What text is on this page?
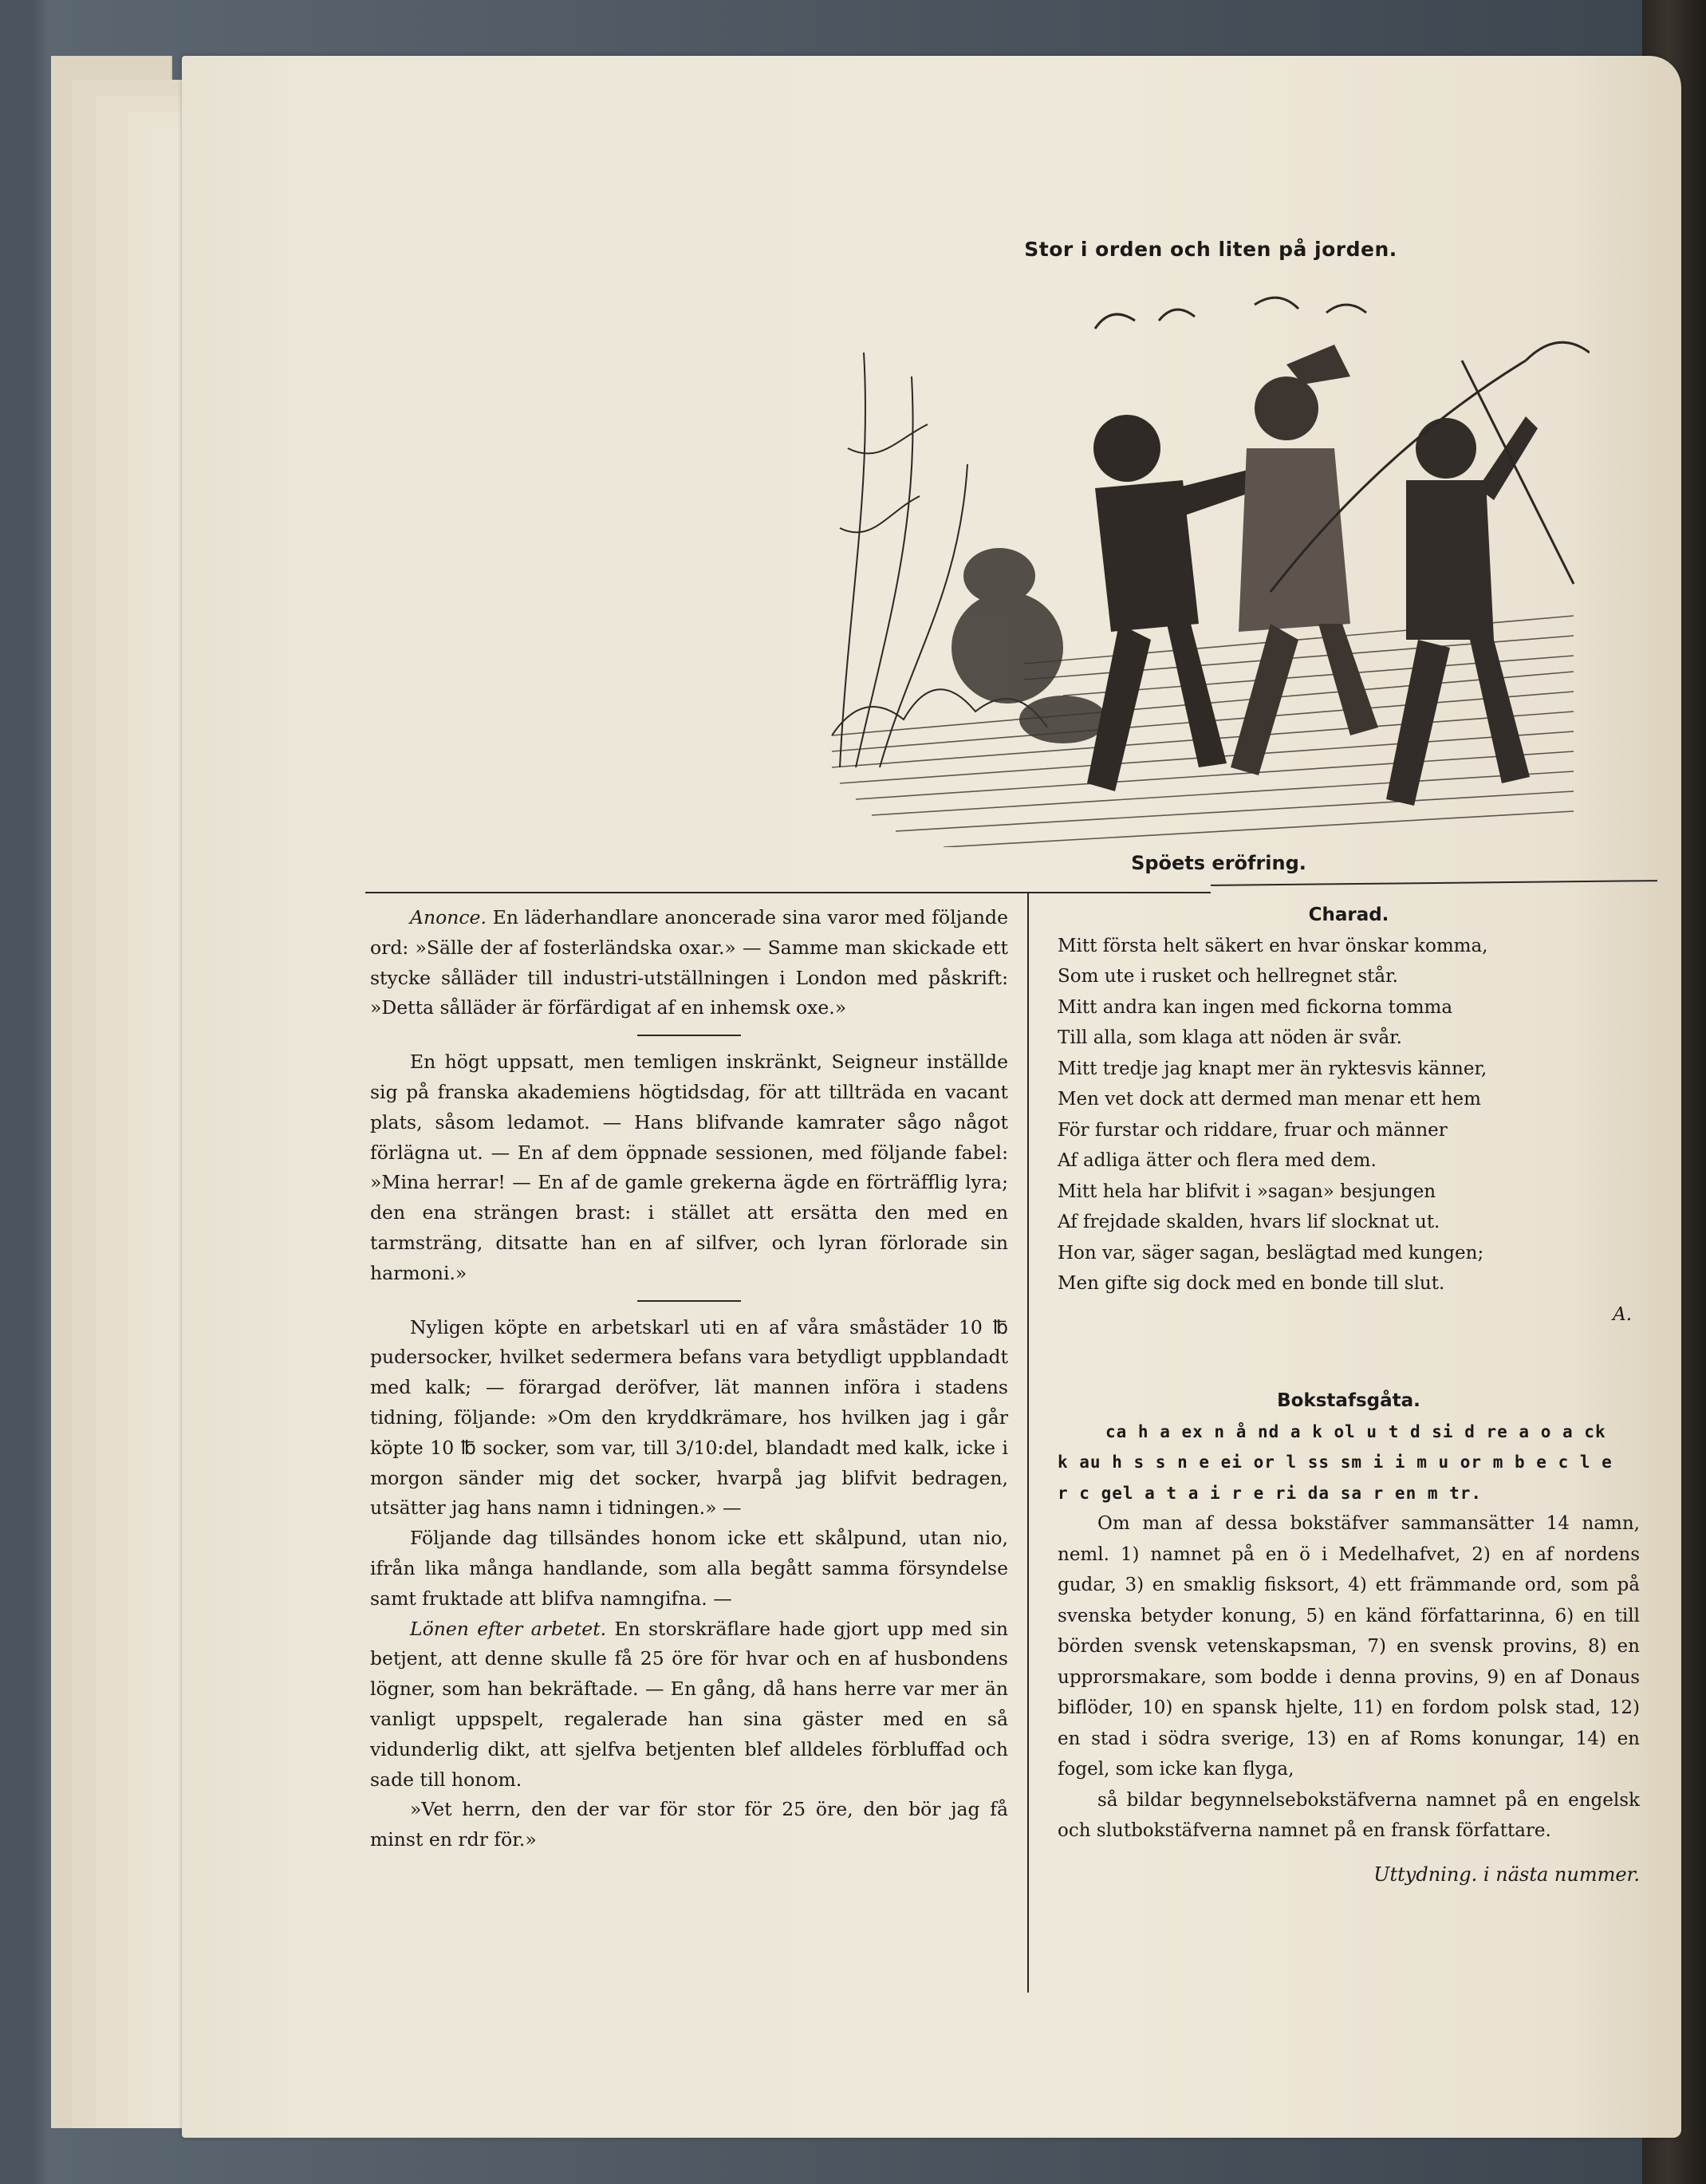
Stor i orden och liten på jorden.
Spöets eröfring.

Anonce. En läderhandlare anoncerade sina varor med följande ord: »Sälle der af fosterländska oxar.» — Samme man skickade ett stycke sålläder till industri-utställningen i London med påskrift: »Detta sålläder är förfärdigat af en inhemsk oxe.»

En högt uppsatt, men temligen inskränkt, Seigneur inställde sig på franska akademiens högtidsdag, för att tillträda en vacant plats, såsom ledamot. — Hans blifvande kamrater sågo något förlägna ut. — En af dem öppnade sessionen, med följande fabel: »Mina herrar! — En af de gamle grekerna ägde en förträfflig lyra; den ena strängen brast: i stället att ersätta den med en tarmsträng, ditsatte han en af silfver, och lyran förlorade sin harmoni.»

Nyligen köpte en arbetskarl uti en af våra småstäder 10 ℔ pudersocker, hvilket sedermera befans vara betydligt uppblandadt med kalk; — förargad deröfver, lät mannen införa i stadens tidning, följande: »Om den kryddkrämare, hos hvilken jag i går köpte 10 ℔ socker, som var, till 3/10:del, blandadt med kalk, icke i morgon sänder mig det socker, hvarpå jag blifvit bedragen, utsätter jag hans namn i tidningen.» —

Följande dag tillsändes honom icke ett skålpund, utan nio, ifrån lika många handlande, som alla begått samma försyndelse samt fruktade att blifva namngifna. —

Lönen efter arbetet. En storskräflare hade gjort upp med sin betjent, att denne skulle få 25 öre för hvar och en af husbondens lögner, som han bekräftade. — En gång, då hans herre var mer än vanligt uppspelt, regalerade han sina gäster med en så vidunderlig dikt, att sjelfva betjenten blef alldeles förbluffad och sade till honom.

»Vet herrn, den der var för stor för 25 öre, den bör jag få minst en rdr för.»

Charad.

Mitt första helt säkert en hvar önskar komma,

Som ute i rusket och hellregnet står.

Mitt andra kan ingen med fickorna tomma

Till alla, som klaga att nöden är svår.

Mitt tredje jag knapt mer än ryktesvis känner,

Men vet dock att dermed man menar ett hem

För furstar och riddare, fruar och männer

Af adliga ätter och flera med dem.

Mitt hela har blifvit i »sagan» besjungen

Af frejdade skalden, hvars lif slocknat ut.

Hon var, säger sagan, beslägtad med kungen;

Men gifte sig dock med en bonde till slut.

A.
Bokstafsgåta.
ca h a ex n å nd a k ol u t d si d re a o a ck
k au h s s n e ei or l ss sm i i m u or m b e c l e
r c gel a t a i r e ri da sa r en m tr.

Om man af dessa bokstäfver sammansätter 14 namn, neml. 1) namnet på en ö i Medelhafvet, 2) en af nordens gudar, 3) en smaklig fisksort, 4) ett främmande ord, som på svenska betyder konung, 5) en känd författarinna, 6) en till börden svensk vetenskapsman, 7) en svensk provins, 8) en upprorsmakare, som bodde i denna provins, 9) en af Donaus biflöder, 10) en spansk hjelte, 11) en fordom polsk stad, 12) en stad i södra sverige, 13) en af Roms konungar, 14) en fogel, som icke kan flyga,

så bildar begynnelsebokstäfverna namnet på en engelsk och slutbokstäfverna namnet på en fransk författare.

Uttydning. i nästa nummer.
